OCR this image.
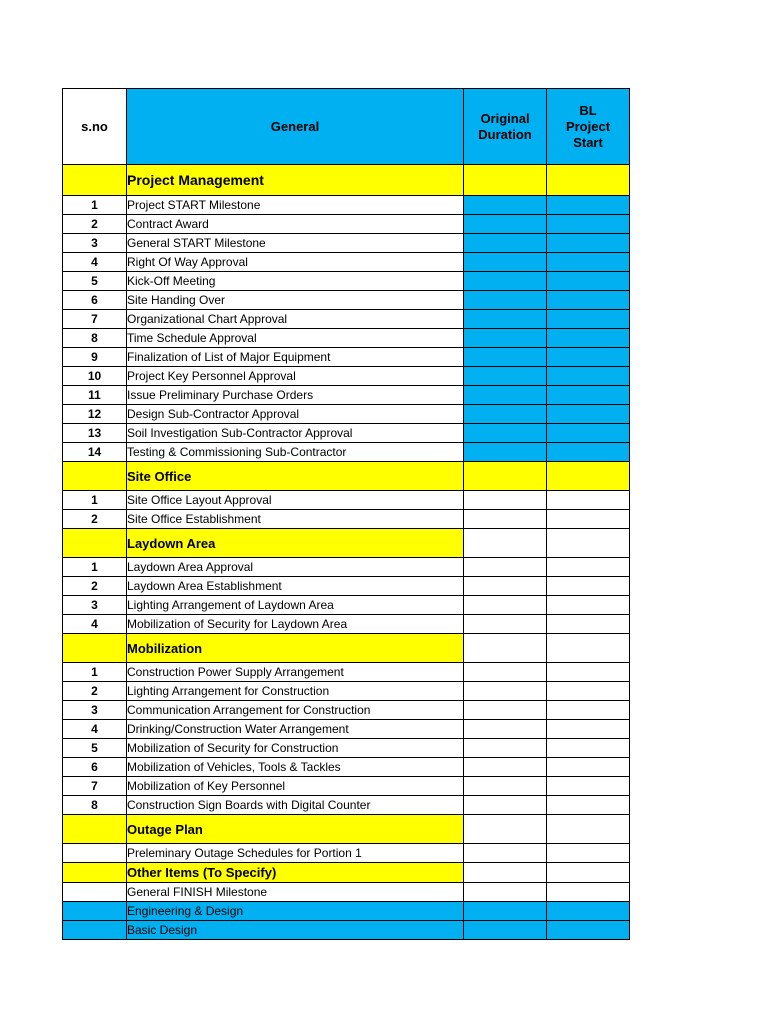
s.no	General	Original Duration	BL Project Start
	Project Management		
1	Project START Milestone		
2	Contract Award		
3	General START Milestone		
4	Right Of Way Approval		
5	Kick-Off Meeting		
6	Site Handing Over		
7	Organizational Chart Approval		
8	Time Schedule Approval		
9	Finalization of List of Major Equipment		
10	Project Key Personnel Approval		
11	Issue Preliminary Purchase Orders		
12	Design Sub-Contractor Approval		
13	Soil Investigation Sub-Contractor Approval		
14	Testing & Commissioning Sub-Contractor		
	Site Office		
1	Site Office Layout Approval		
2	Site Office Establishment		
	Laydown Area		
1	Laydown Area Approval		
2	Laydown Area Establishment		
3	Lighting Arrangement of Laydown Area		
4	Mobilization of Security for Laydown Area		
	Mobilization		
1	Construction Power Supply Arrangement		
2	Lighting Arrangement for Construction		
3	Communication Arrangement for Construction		
4	Drinking/Construction Water Arrangement		
5	Mobilization of Security for Construction		
6	Mobilization of Vehicles, Tools & Tackles		
7	Mobilization of Key Personnel		
8	Construction Sign Boards with Digital Counter		
	Outage Plan		
	Preleminary Outage Schedules for Portion 1		
	Other Items (To Specify)		
	General FINISH Milestone		
	Engineering & Design		
	Basic Design		
